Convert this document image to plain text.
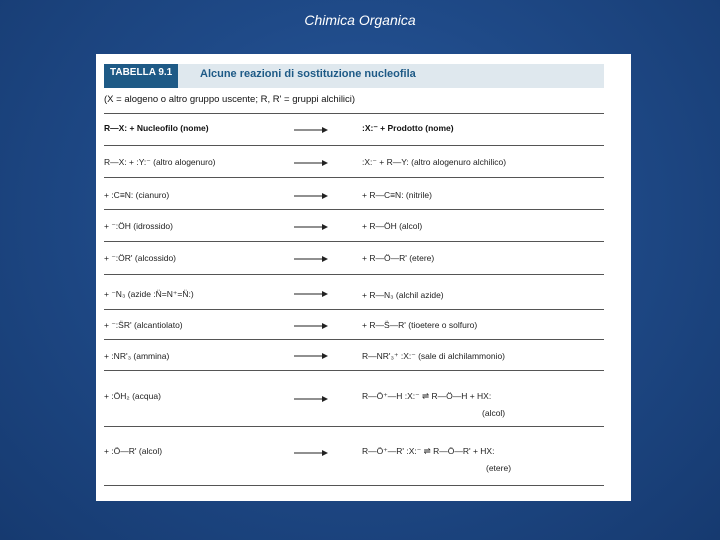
Chimica Organica
TABELLA 9.1	Alcune reazioni di sostituzione nucleofila
(X = alogeno o altro gruppo uscente; R, R' = gruppi alchilici)
R—X: + Nucleofilo (nome)	:X:⁻ + Prodotto (nome)
R—X: + :Y:⁻ (altro alogenuro)	:X:⁻ + R—Y: (altro alogenuro alchilico)
+ :C≡N: (cianuro)	+ R—C≡N: (nitrile)
+ ⁻:ÖH (idrossido)	+ R—ÖH (alcol)
+ ⁻:ÖR' (alcossido)	+ R—Ö—R' (etere)
+ ⁻N₃ (azide :N̈=N⁺=N̈:)	+ R—N₃ (alchil azide)
+ ⁻:S̈R' (alcantiolato)	+ R—S̈—R' (tioetere o solfuro)
+ :NR'₃ (ammina)	R—NR'₃⁺ :X:⁻ (sale di alchilammonio)
+ :ÖH₂ (acqua)	R—Ö⁺—H :X:⁻ ⇌ R—Ö—H + HX:
(alcol)
+ :Ö—R' (alcol)	R—Ö⁺—R' :X:⁻ ⇌ R—Ö—R' + HX:
(etere)
